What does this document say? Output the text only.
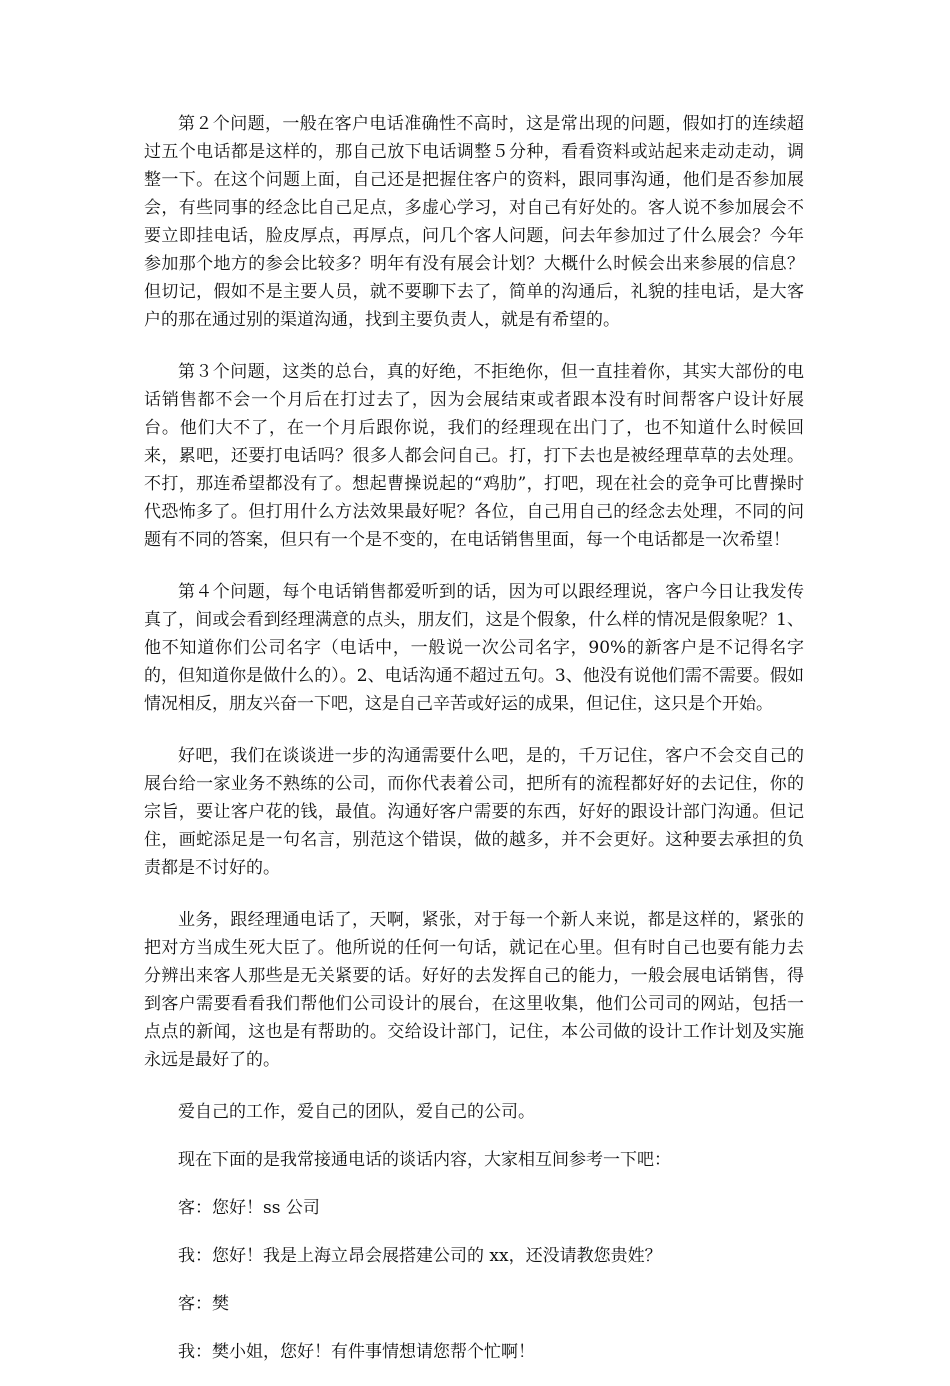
第２个问题，一般在客户电话准确性不高时，这是常出现的问题，假如打的连续超过五个电话都是这样的，那自己放下电话调整５分种，看看资料或站起来走动走动，调整一下。在这个问题上面，自己还是把握住客户的资料，跟同事沟通，他们是否参加展会，有些同事的经念比自己足点，多虚心学习，对自己有好处的。客人说不参加展会不要立即挂电话，脸皮厚点，再厚点，问几个客人问题，问去年参加过了什么展会？今年参加那个地方的参会比较多？明年有没有展会计划？大概什么时候会出来参展的信息？但切记，假如不是主要人员，就不要聊下去了，简单的沟通后，礼貌的挂电话，是大客户的那在通过别的渠道沟通，找到主要负责人，就是有希望的。

第３个问题，这类的总台，真的好绝，不拒绝你，但一直挂着你，其实大部份的电话销售都不会一个月后在打过去了，因为会展结束或者跟本没有时间帮客户设计好展台。他们大不了，在一个月后跟你说，我们的经理现在出门了，也不知道什么时候回来，累吧，还要打电话吗？很多人都会问自己。打，打下去也是被经理草草的去处理。不打，那连希望都没有了。想起曹操说起的“鸡肋”，打吧，现在社会的竞争可比曹操时代恐怖多了。但打用什么方法效果最好呢？各位，自己用自己的经念去处理，不同的问题有不同的答案，但只有一个是不变的，在电话销售里面，每一个电话都是一次希望！

第４个问题，每个电话销售都爱听到的话，因为可以跟经理说，客户今日让我发传真了，间或会看到经理满意的点头，朋友们，这是个假象，什么样的情况是假象呢？1、他不知道你们公司名字（电话中，一般说一次公司名字，90%的新客户是不记得名字的，但知道你是做什么的）。2、电话沟通不超过五句。3、他没有说他们需不需要。假如情况相反，朋友兴奋一下吧，这是自己辛苦或好运的成果，但记住，这只是个开始。

好吧，我们在谈谈进一步的沟通需要什么吧，是的，千万记住，客户不会交自己的展台给一家业务不熟练的公司，而你代表着公司，把所有的流程都好好的去记住，你的宗旨，要让客户花的钱，最值。沟通好客户需要的东西，好好的跟设计部门沟通。但记住，画蛇添足是一句名言，别范这个错误，做的越多，并不会更好。这种要去承担的负责都是不讨好的。

业务，跟经理通电话了，天啊，紧张，对于每一个新人来说，都是这样的，紧张的把对方当成生死大臣了。他所说的任何一句话，就记在心里。但有时自己也要有能力去分辨出来客人那些是无关紧要的话。好好的去发挥自己的能力，一般会展电话销售，得到客户需要看看我们帮他们公司设计的展台，在这里收集，他们公司司的网站，包括一点点的新闻，这也是有帮助的。交给设计部门，记住，本公司做的设计工作计划及实施永远是最好了的。

爱自己的工作，爱自己的团队，爱自己的公司。

现在下面的是我常接通电话的谈话内容，大家相互间参考一下吧：

客：您好！ss 公司

我：您好！我是上海立昂会展搭建公司的 xx，还没请教您贵姓？

客：樊

我：樊小姐，您好！有件事情想请您帮个忙啊！
